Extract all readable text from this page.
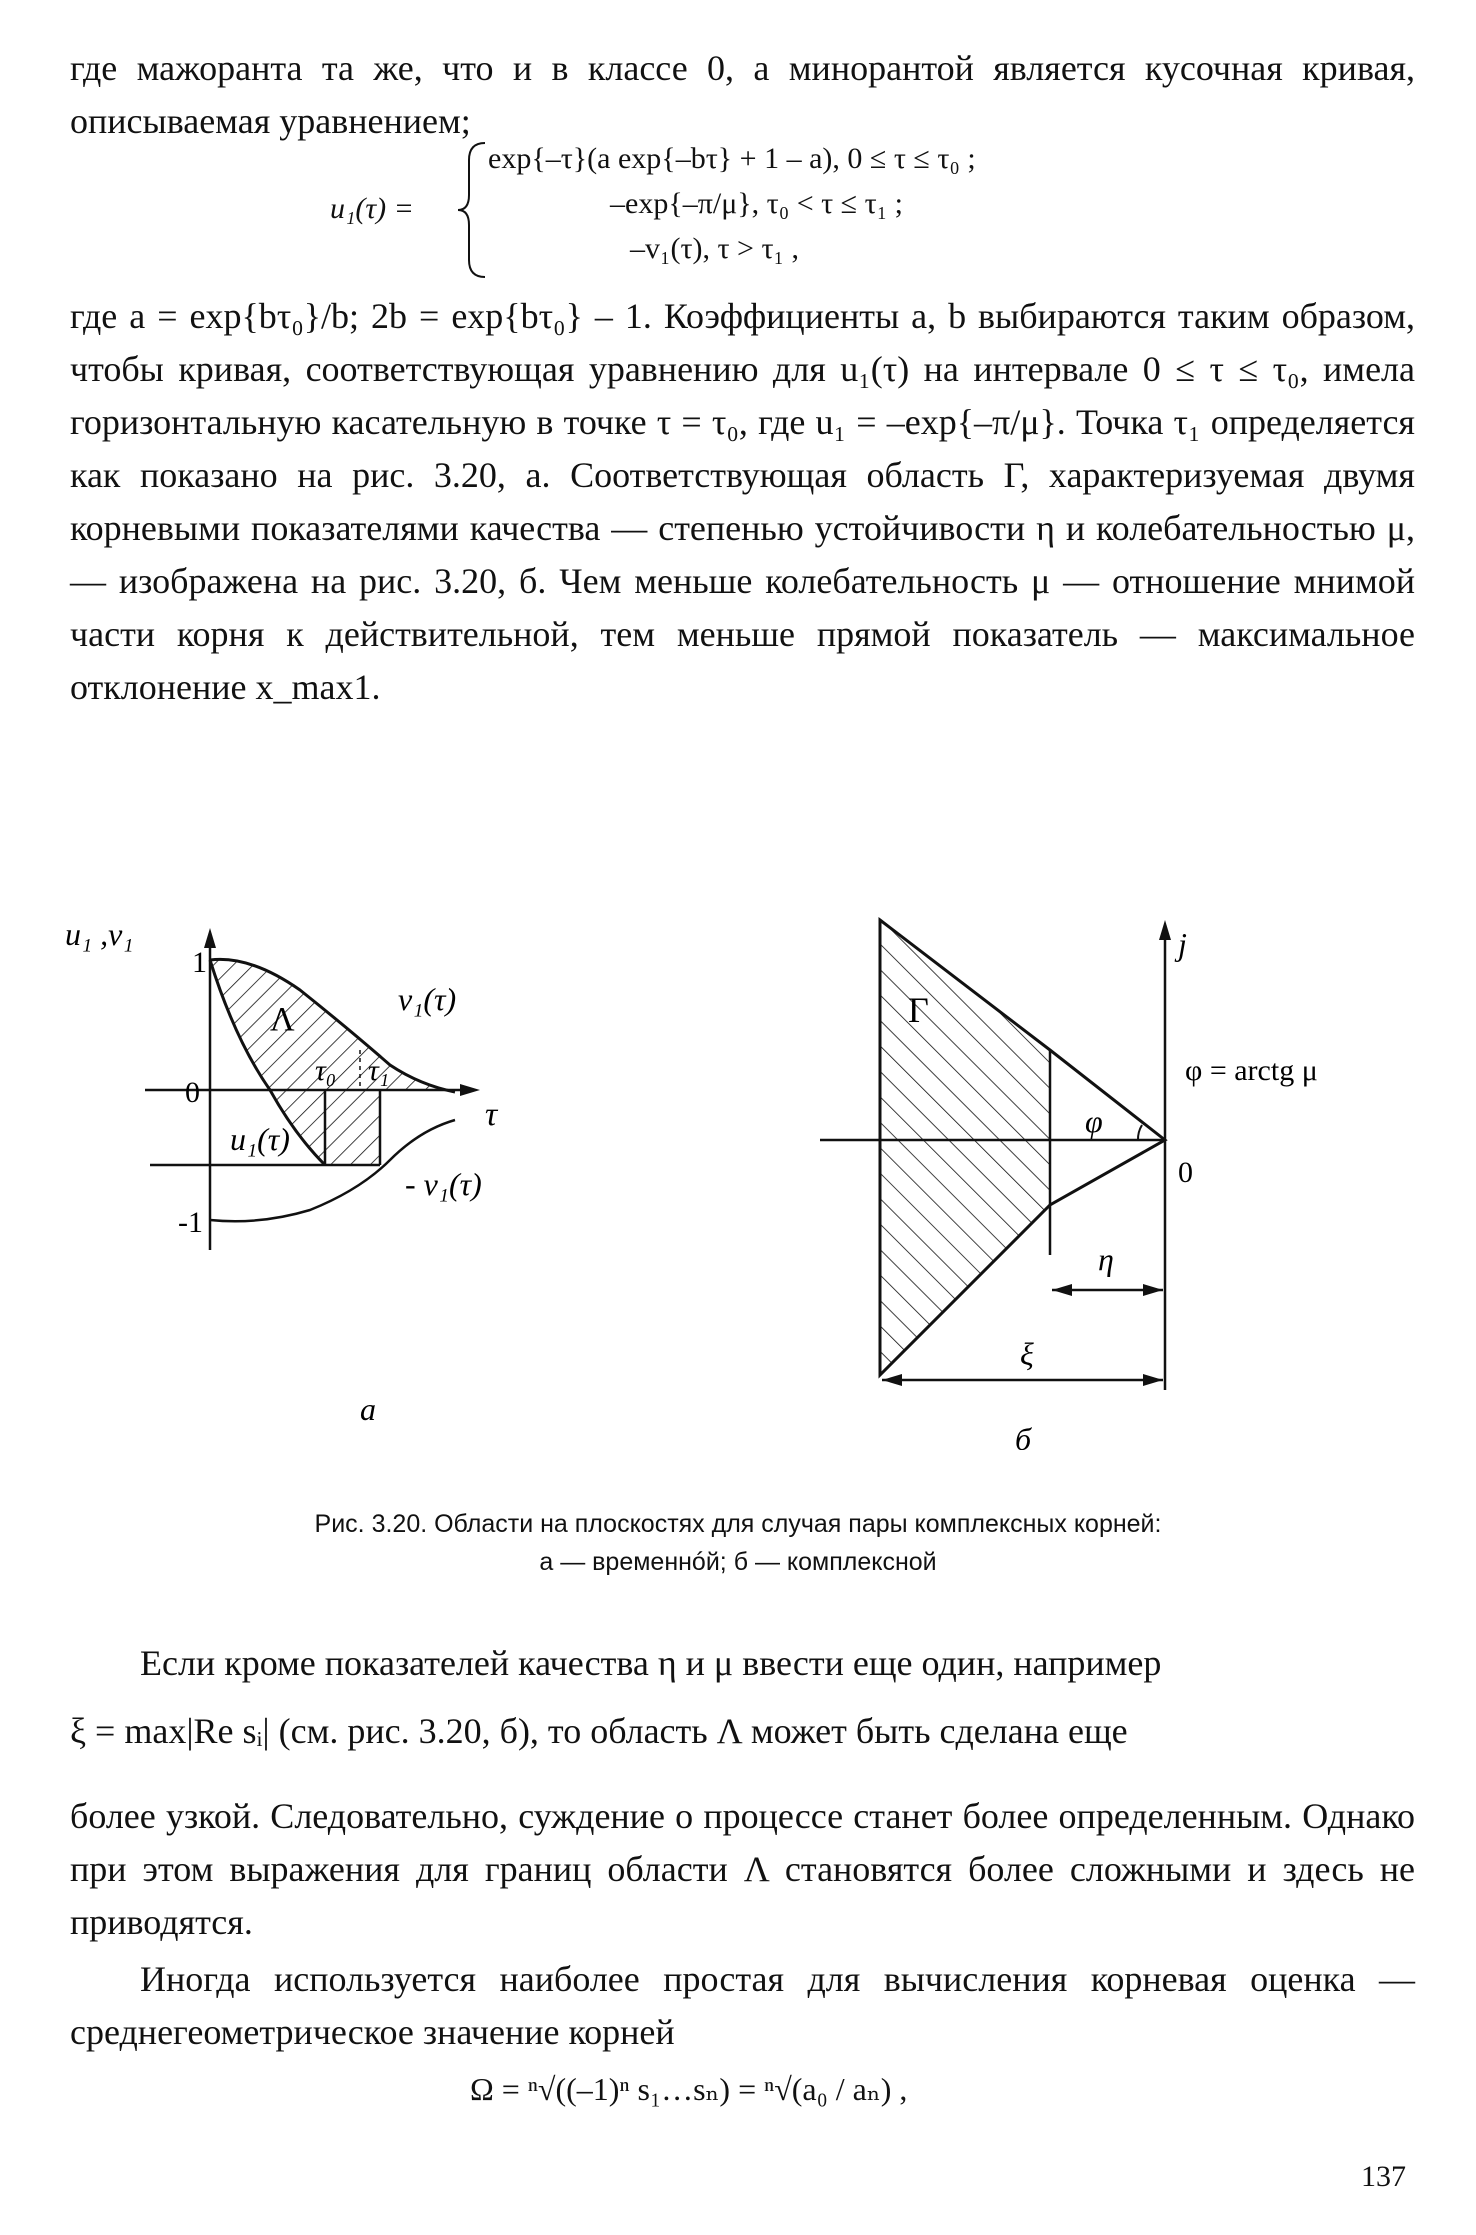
где мажоранта та же, что и в классе 0, а минорантой является кусочная кривая, описываемая уравнением;

u₁(τ) =
exp{–τ}(a exp{–bτ} + 1 – a), 0 ≤ τ ≤ τ₀ ;
–exp{–π/μ}, τ₀ < τ ≤ τ₁ ;
–v₁(τ), τ > τ₁ ,

где a = exp{bτ₀}/b; 2b = exp{bτ₀} – 1. Коэффициенты a, b выбираются таким образом, чтобы кривая, соответствующая уравнению для u₁(τ) на интервале 0 ≤ τ ≤ τ₀, имела горизонтальную касательную в точке τ = τ₀, где u₁ = –exp{–π/μ}. Точка τ₁ определяется как показано на рис. 3.20, а. Соответствующая область Г, характеризуемая двумя корневыми показателями качества — степенью устойчивости η и колебательностью μ, — изображена на рис. 3.20, б. Чем меньше колебательность μ — отношение мнимой части корня к действительной, тем меньше прямой показатель — максимальное отклонение x_max1.

u₁ ,v₁
1
0
-1
τ
v₁(τ)
Λ
τ₀ τ₁
u₁(τ)
- v₁(τ)
а
j
Г
φ = arctg μ
φ
0
η
ξ
б
Рис. 3.20. Области на плоскостях для случая пары комплексных корней:
а — временнóй; б — комплексной

Если кроме показателей качества η и μ ввести еще один, например

ξ = max|Re sᵢ| (см. рис. 3.20, б), то область Λ может быть сделана еще

более узкой. Следовательно, суждение о процессе станет более определенным. Однако при этом выражения для границ области Λ становятся более сложными и здесь не приводятся.

Иногда используется наиболее простая для вычисления корневая оценка — среднегеометрическое значение корней

Ω = ⁿ√((–1)ⁿ s₁…sₙ) = ⁿ√(a₀ / aₙ) ,
137
